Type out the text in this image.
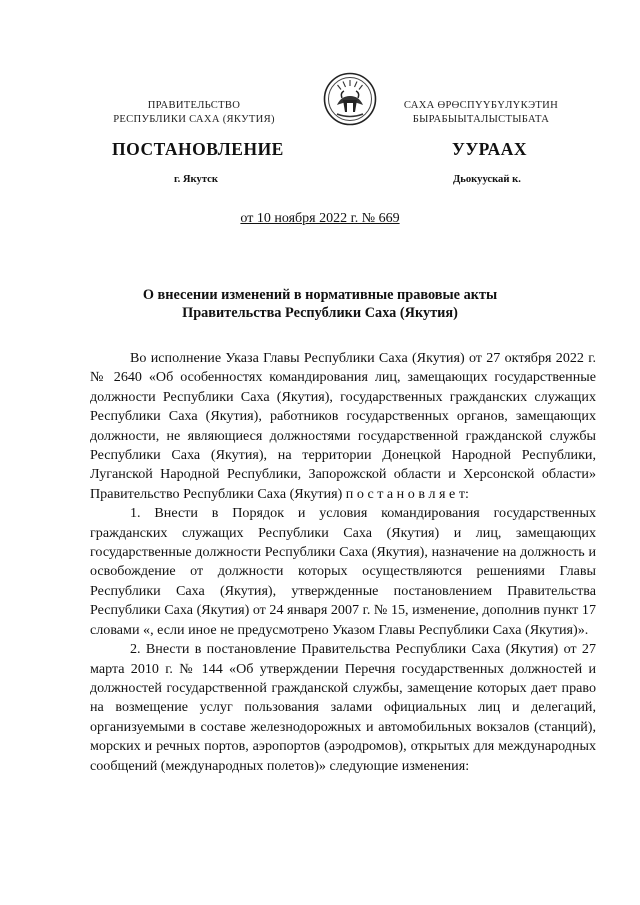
ПРАВИТЕЛЬСТВО
РЕСПУБЛИКИ САХА (ЯКУТИЯ)
САХА ӨРӨСПҮҮБҮЛҮКЭТИН
БЫРАБЫЫТАЛЫСТЫБАТА
ПОСТАНОВЛЕНИЕ	УУРААХ
г. Якутск	Дьокуускай к.
от 10 ноября 2022 г. № 669
О внесении изменений в нормативные правовые акты
Правительства Республики Саха (Якутия)

Во исполнение Указа Главы Республики Саха (Якутия) от 27 октября 2022 г. № 2640 «Об особенностях командирования лиц, замещающих государственные должности Республики Саха (Якутия), государственных гражданских служащих Республики Саха (Якутия), работников государственных органов, замещающих должности, не являющиеся должностями государственной гражданской службы Республики Саха (Якутия), на территории Донецкой Народной Республики, Луганской Народной Республики, Запорожской области и Херсонской области» Правительство Республики Саха (Якутия) п о с т а н о в л я е т:

1. Внести в Порядок и условия командирования государственных гражданских служащих Республики Саха (Якутия) и лиц, замещающих государственные должности Республики Саха (Якутия), назначение на должность и освобождение от должности которых осуществляются решениями Главы Республики Саха (Якутия), утвержденные постановлением Правительства Республики Саха (Якутия) от 24 января 2007 г. № 15, изменение, дополнив пункт 17 словами «, если иное не предусмотрено Указом Главы Республики Саха (Якутия)».

2. Внести в постановление Правительства Республики Саха (Якутия) от 27 марта 2010 г. № 144 «Об утверждении Перечня государственных должностей и должностей государственной гражданской службы, замещение которых дает право на возмещение услуг пользования залами официальных лиц и делегаций, организуемыми в составе железнодорожных и автомобильных вокзалов (станций), морских и речных портов, аэропортов (аэродромов), открытых для международных сообщений (международных полетов)» следующие изменения:
